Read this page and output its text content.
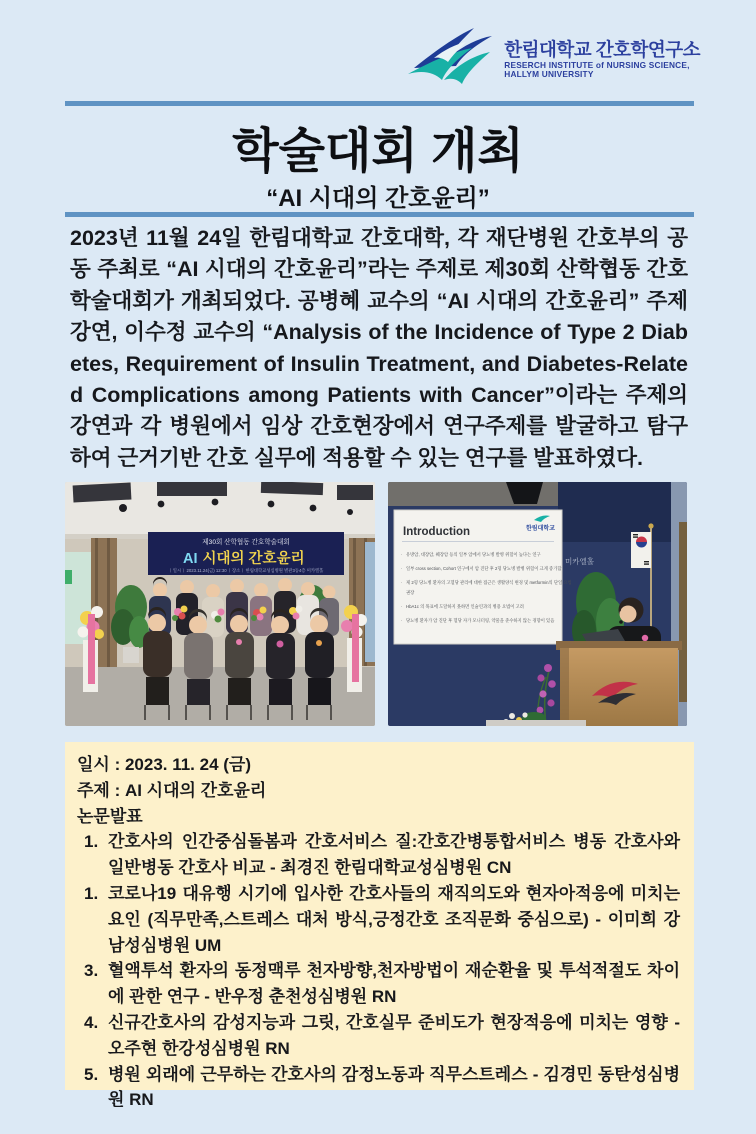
한림대학교 간호학연구소
RESERCH INSTITUTE of NURSING SCIENCE,
HALLYM UNIVERSITY
학술대회 개최
“AI 시대의 간호윤리”
2023년 11월 24일 한림대학교 간호대학, 각 재단병원 간호부의 공동 주최로 “AI 시대의 간호윤리”라는 주제로 제30회 산학협동 간호학술대회가 개최되었다. 공병혜 교수의 “AI 시대의 간호윤리” 주제강연, 이수정 교수의 “Analysis of the Incidence of Type 2 Diabetes, Requirement of Insulin Treatment, and Diabetes-Related Complications among Patients with Cancer”이라는 주제의 강연과 각 병원에서 임상 간호현장에서 연구주제를 발굴하고 탐구하여 근거기반 간호 실무에 적용할 수 있는 연구를 발표하였다.
제30회 산학협동 간호학술대회
AI 시대의 간호윤리
ㅣ일시ㅣ 2023.11.24(금) 12:30 ㅣ장소ㅣ 한림대학교성심병원 별관3동4층 미카엘홀
미카엘홀
Introduction	한림대학교
· 유방암, 대장암, 췌장암 등의 일부 암에서 당뇨병 발병 위험이 높다는 연구
· 일부 cross section, Cohort 연구에서 암 진단 후 2형 당뇨병 발병 위험이 크게 증가함
· 제 2형 당뇨병 환자의 고혈당 관리에 대한 접근은 생활양식 변경 및 metformin의 단일 요법
권장
· HbA1c 의 목표에 도달하지 못하면 인슐린과의 병용 요법이 고려
· 당뇨병 환자가 암 진단 후 혈당 자가 모니터링, 약물을 준수하지 않는 경향이 있음
일시 : 2023. 11. 24 (금)
주제 : AI 시대의 간호윤리
논문발표
1. 간호사의 인간중심돌봄과 간호서비스 질:간호간병통합서비스 병동 간호사와 일반병동 간호사 비교 - 최경진 한림대학교성심병원 CN
1. 코로나19 대유행 시기에 입사한 간호사들의 재직의도와 현자아적응에 미치는 요인 (직무만족,스트레스 대처 방식,긍정간호 조직문화 중심으로) - 이미희 강남성심병원 UM
3. 혈액투석 환자의 동정맥루 천자방향,천자방법이 재순환율 및 투석적절도 차이에 관한 연구 - 반우정 춘천성심병원 RN
4. 신규간호사의 감성지능과 그릿, 간호실무 준비도가 현장적응에 미치는 영향 - 오주현 한강성심병원 RN
5. 병원 외래에 근무하는 간호사의 감정노동과 직무스트레스 - 김경민 동탄성심병원 RN
